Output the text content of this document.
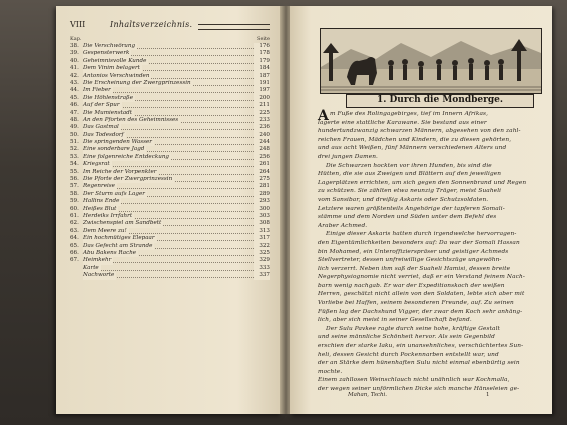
VIII	Inhaltsverzeichnis.
Kap.	Seite
38. Die Verschwörung	176
39. Gespensterwerk	178
40. Geheimnisvolle Kunde	179
41. Dem Vinim belagert	184
42. Antonios Verschwinden	187
43. Die Erscheinung der Zwergprinzessin	191
44. Im Fieber	197
45. Die Höhlenstraße	200
46. Auf der Spur	211
47. Die Mumienstadt	225
48. An den Pforten des Geheimnisses	233
49. Das Gastmal	236
50. Das Todesdorf	240
51. Die springenden Wasser	244
52. Eine sonderbare Jagd	248
53. Eine folgenreiche Entdeckung	256
54. Kriegsrat	261
55. Im Reiche der Vorpenkter	264
56. Die Pforte der Zwergprinzessin	275
57. Regenreise	281
58. Der Sturm aufs Lager	289
59. Hallins Ende	293
60. Heißes Blut	300
61. Herdeiks Irrfahrt	303
62. Zwischenspiel am Sandbett	308
63. Dem Meere zu!	313
64. Ein hochmütiges Elepaar	317
65. Das Gefecht am Strande	322
66. Abu Bakens Rache	325
67. Heimkehr	329
Karte	333
Nachworte	337
1. Durch die Mondberge.
A m Fuße des Rolingagebirges, tief im Innern Afrikas,
lagerte eine stattliche Karawane. Sie bestand aus einer
hundertundzwanzig schwarzen Männern, abgesehen von den zahl-
reichen Frauen, Mädchen und Kindern, die zu diesen gehörten,
und aus acht Weißen, fünf Männern verschiedenen Alters und
drei jungen Damen.
Die Schwarzen hockten vor ihren Hunden, bis sind die
Hütten, die sie aus Zweigen und Blättern auf den jeweiligen
Lagerplätzen errichten, um sich gegen den Sonnenbrand und Regen
zu schützen. Sie zählten etwa neunzig Träger, meist Suaheli
vom Sansibar, und dreißig Askaris oder Schutzsoldaten.
Letztere waren größtenteils Angehörige der tapferen Somali-
stämme und dem Norden und Süden unter dem Befehl des
Araber Achmed.
Einige dieser Askaris hatten durch irgendwelche hervorragen-
den Eigentümlichkeiten besonders auf: Da war der Somali Hassan
bin Mohamed, ein Unteroffizierspräser und geistiger Achmeds
Stellvertreter, dessen unfreiwillige Gesichtszüge ungewöhn-
lich verzerrt. Neben ihm saß der Suaheli Hamisi, dessen breite
Negerphysiognomie nicht verriet, daß er ein Verstand feinem Nach-
barn wenig nachgab. Er war der Expeditionskoch der weißen
Herren, geschätzt nicht allein von den Soldaten, lebte sich aber mit
Vorliebe bei Haffen, seinem besonderen Freunde, auf. Zu seinen
Füßen lag der Dachshund Vigger, der zwar dem Koch sehr anhäng-
lich, aber sich meist in seiner Gesellschaft befand.
Der Sulu Pavkee ragte durch seine hohe, kräftige Gestalt
und seine männliche Schönheit hervor. Als sein Gegenbild
erschien der starke Iaku, ein unansehnliches, verschüchtertes Sun-
heli, dessen Gesicht durch Pockennarben entstellt war, und
der an Stärke dem hünenhaften Sulu nicht einmal ebenbürtig sein
mochte.
Einem zahllosen Weinschlauch nicht unähnlich war Kochmalla,
der wegen seiner unförmlichen Dicke sich manche Hänseleien ge-
Mahan, Tschi.	1
